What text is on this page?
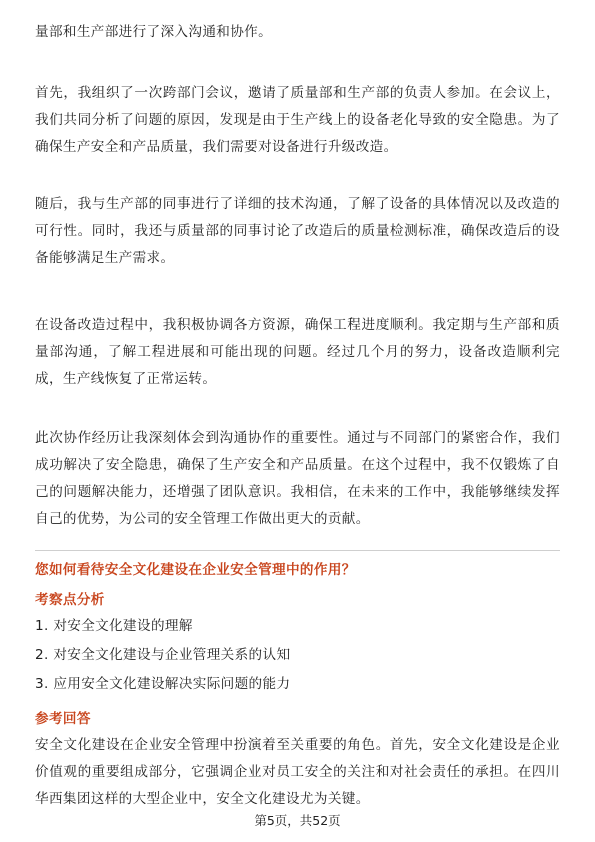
量部和生产部进行了深入沟通和协作。

首先，我组织了一次跨部门会议，邀请了质量部和生产部的负责人参加。在会议上，我们共同分析了问题的原因，发现是由于生产线上的设备老化导致的安全隐患。为了确保生产安全和产品质量，我们需要对设备进行升级改造。

随后，我与生产部的同事进行了详细的技术沟通，了解了设备的具体情况以及改造的可行性。同时，我还与质量部的同事讨论了改造后的质量检测标准，确保改造后的设备能够满足生产需求。

在设备改造过程中，我积极协调各方资源，确保工程进度顺利。我定期与生产部和质量部沟通，了解工程进展和可能出现的问题。经过几个月的努力，设备改造顺利完成，生产线恢复了正常运转。

此次协作经历让我深刻体会到沟通协作的重要性。通过与不同部门的紧密合作，我们成功解决了安全隐患，确保了生产安全和产品质量。在这个过程中，我不仅锻炼了自己的问题解决能力，还增强了团队意识。我相信，在未来的工作中，我能够继续发挥自己的优势，为公司的安全管理工作做出更大的贡献。

您如何看待安全文化建设在企业安全管理中的作用？

考察点分析

1. 对安全文化建设的理解
2. 对安全文化建设与企业管理关系的认知
3. 应用安全文化建设解决实际问题的能力

参考回答

安全文化建设在企业安全管理中扮演着至关重要的角色。首先，安全文化建设是企业价值观的重要组成部分，它强调企业对员工安全的关注和对社会责任的承担。在四川华西集团这样的大型企业中，安全文化建设尤为关键。

第5页，共52页
